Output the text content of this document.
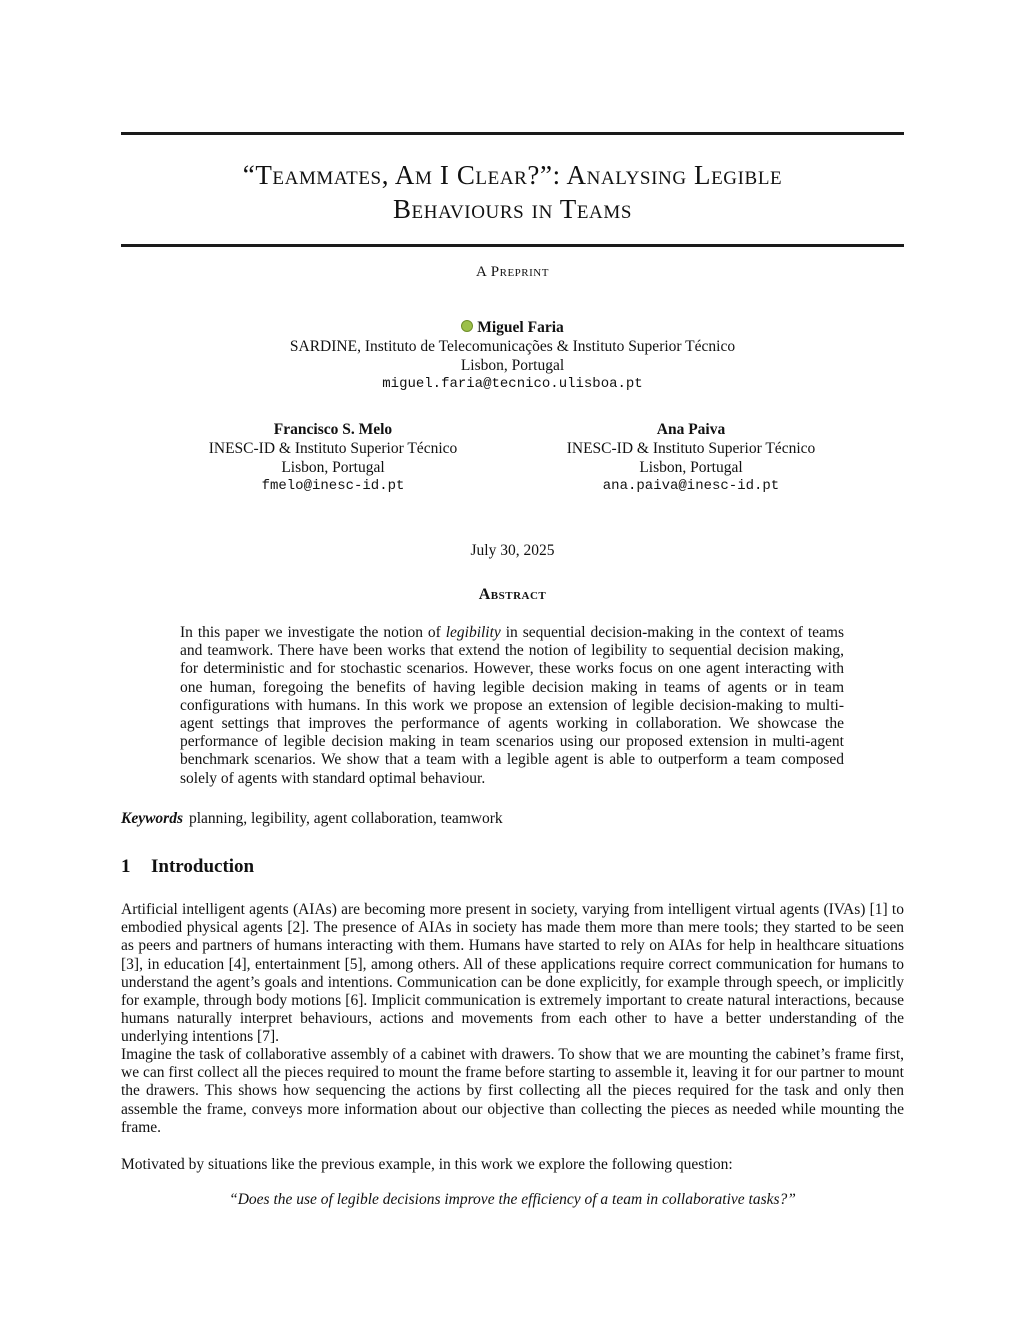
“Teammates, Am I Clear?”: Analysing Legible
Behaviours in Teams
A Preprint
Miguel Faria
SARDINE, Instituto de Telecomunicações & Instituto Superior Técnico
Lisbon, Portugal
miguel.faria@tecnico.ulisboa.pt
Francisco S. Melo
INESC-ID & Instituto Superior Técnico
Lisbon, Portugal
fmelo@inesc-id.pt
Ana Paiva
INESC-ID & Instituto Superior Técnico
Lisbon, Portugal
ana.paiva@inesc-id.pt
July 30, 2025
Abstract

In this paper we investigate the notion of legibility in sequential decision-making in the context of teams and teamwork. There have been works that extend the notion of legibility to sequential decision making, for deterministic and for stochastic scenarios. However, these works focus on one agent interacting with one human, foregoing the benefits of having legible decision making in teams of agents or in team configurations with humans. In this work we propose an extension of legible decision-making to multi-agent settings that improves the performance of agents working in collaboration. We showcase the performance of legible decision making in team scenarios using our proposed extension in multi-agent benchmark scenarios. We show that a team with a legible agent is able to outperform a team composed solely of agents with standard optimal behaviour.

Keywords planning, legibility, agent collaboration, teamwork
1 Introduction

Artificial intelligent agents (AIAs) are becoming more present in society, varying from intelligent virtual agents (IVAs) [1] to embodied physical agents [2]. The presence of AIAs in society has made them more than mere tools; they started to be seen as peers and partners of humans interacting with them. Humans have started to rely on AIAs for help in healthcare situations [3], in education [4], entertainment [5], among others. All of these applications require correct communication for humans to understand the agent’s goals and intentions. Communication can be done explicitly, for example through speech, or implicitly for example, through body motions [6]. Implicit communication is extremely important to create natural interactions, because humans naturally interpret behaviours, actions and movements from each other to have a better understanding of the underlying intentions [7].

Imagine the task of collaborative assembly of a cabinet with drawers. To show that we are mounting the cabinet’s frame first, we can first collect all the pieces required to mount the frame before starting to assemble it, leaving it for our partner to mount the drawers. This shows how sequencing the actions by first collecting all the pieces required for the task and only then assemble the frame, conveys more information about our objective than collecting the pieces as needed while mounting the frame.

Motivated by situations like the previous example, in this work we explore the following question:

“Does the use of legible decisions improve the efficiency of a team in collaborative tasks?”
